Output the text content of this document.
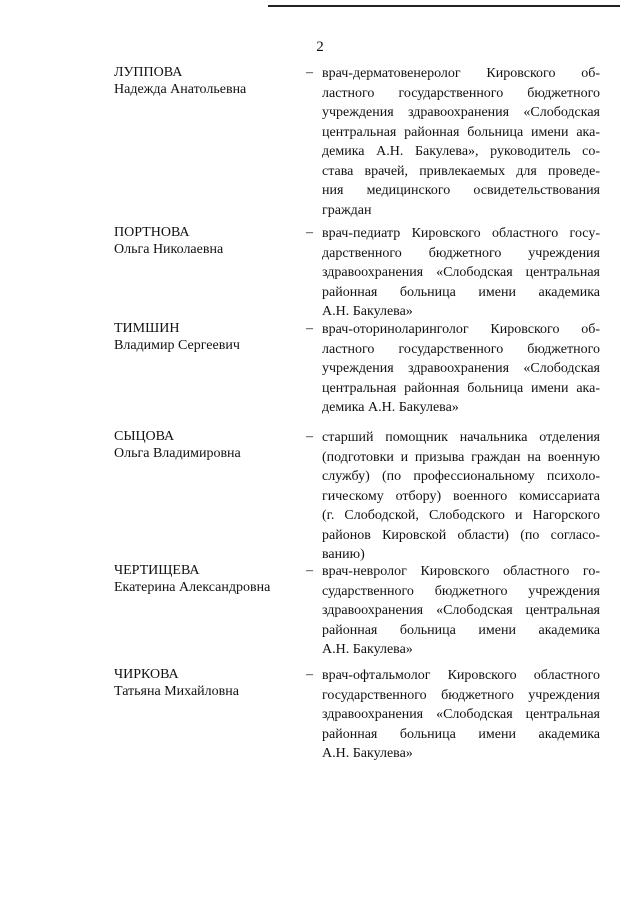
2
ЛУППОВА
Надежда Анатольевна
– врач-дерматовенеролог Кировского об-
ластного государственного бюджетного
учреждения здравоохранения «Слободская
центральная районная больница имени ака-
демика А.Н. Бакулева», руководитель со-
става врачей, привлекаемых для проведе-
ния медицинского освидетельствования
граждан
ПОРТНОВА
Ольга Николаевна
– врач-педиатр Кировского областного госу-
дарственного бюджетного учреждения
здравоохранения «Слободская центральная
районная больница имени академика
А.Н. Бакулева»
ТИМШИН
Владимир Сергеевич
– врач-оториноларинголог Кировского об-
ластного государственного бюджетного
учреждения здравоохранения «Слободская
центральная районная больница имени ака-
демика А.Н. Бакулева»
СЫЦОВА
Ольга Владимировна
– старший помощник начальника отделения
(подготовки и призыва граждан на военную
службу) (по профессиональному психоло-
гическому отбору) военного комиссариата
(г. Слободской, Слободского и Нагорского
районов Кировской области) (по согласо-
ванию)
ЧЕРТИЩЕВА
Екатерина Александровна
– врач-невролог Кировского областного го-
сударственного бюджетного учреждения
здравоохранения «Слободская центральная
районная больница имени академика
А.Н. Бакулева»
ЧИРКОВА
Татьяна Михайловна
– врач-офтальмолог Кировского областного
государственного бюджетного учреждения
здравоохранения «Слободская центральная
районная больница имени академика
А.Н. Бакулева»
